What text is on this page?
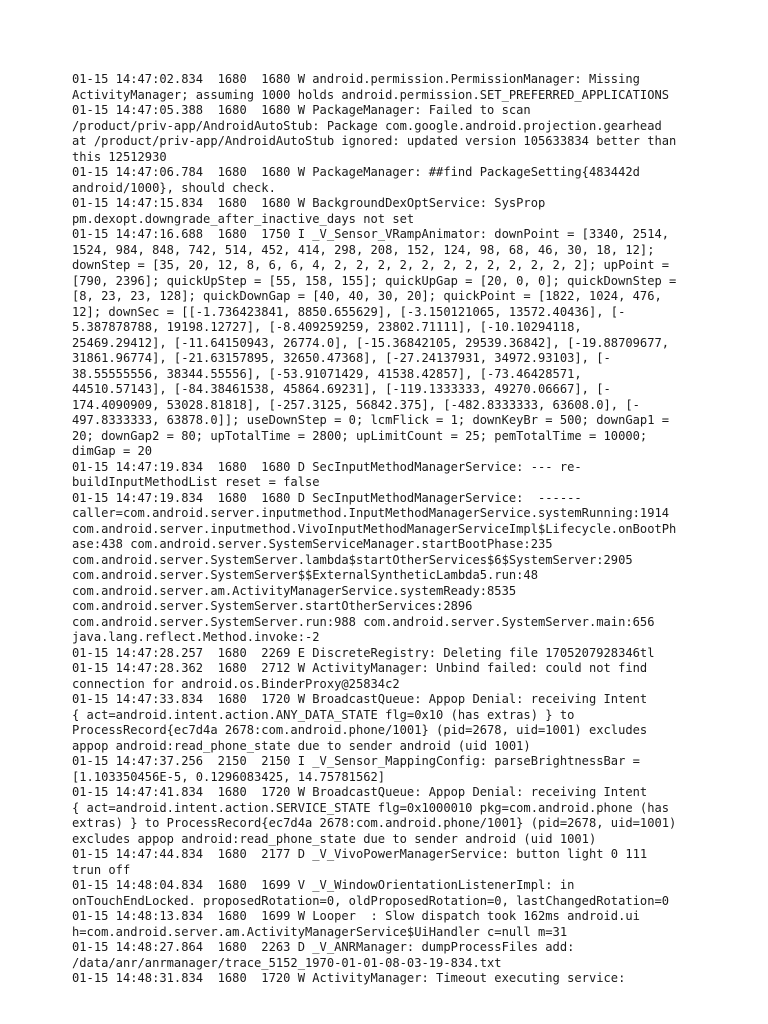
01-15 14:47:02.834  1680  1680 W android.permission.PermissionManager: Missing
ActivityManager; assuming 1000 holds android.permission.SET_PREFERRED_APPLICATIONS
01-15 14:47:05.388  1680  1680 W PackageManager: Failed to scan
/product/priv-app/AndroidAutoStub: Package com.google.android.projection.gearhead
at /product/priv-app/AndroidAutoStub ignored: updated version 105633834 better than
this 12512930
01-15 14:47:06.784  1680  1680 W PackageManager: ##find PackageSetting{483442d
android/1000}, should check.
01-15 14:47:15.834  1680  1680 W BackgroundDexOptService: SysProp
pm.dexopt.downgrade_after_inactive_days not set
01-15 14:47:16.688  1680  1750 I _V_Sensor_VRampAnimator: downPoint = [3340, 2514,
1524, 984, 848, 742, 514, 452, 414, 298, 208, 152, 124, 98, 68, 46, 30, 18, 12];
downStep = [35, 20, 12, 8, 6, 6, 4, 2, 2, 2, 2, 2, 2, 2, 2, 2, 2, 2, 2]; upPoint =
[790, 2396]; quickUpStep = [55, 158, 155]; quickUpGap = [20, 0, 0]; quickDownStep =
[8, 23, 23, 128]; quickDownGap = [40, 40, 30, 20]; quickPoint = [1822, 1024, 476,
12]; downSec = [[-1.736423841, 8850.655629], [-3.150121065, 13572.40436], [-
5.387878788, 19198.12727], [-8.409259259, 23802.71111], [-10.10294118,
25469.29412], [-11.64150943, 26774.0], [-15.36842105, 29539.36842], [-19.88709677,
31861.96774], [-21.63157895, 32650.47368], [-27.24137931, 34972.93103], [-
38.55555556, 38344.55556], [-53.91071429, 41538.42857], [-73.46428571,
44510.57143], [-84.38461538, 45864.69231], [-119.1333333, 49270.06667], [-
174.4090909, 53028.81818], [-257.3125, 56842.375], [-482.8333333, 63608.0], [-
497.8333333, 63878.0]]; useDownStep = 0; lcmFlick = 1; downKeyBr = 500; downGap1 =
20; downGap2 = 80; upTotalTime = 2800; upLimitCount = 25; pemTotalTime = 10000;
dimGap = 20
01-15 14:47:19.834  1680  1680 D SecInputMethodManagerService: --- re-
buildInputMethodList reset = false
01-15 14:47:19.834  1680  1680 D SecInputMethodManagerService:  ------
caller=com.android.server.inputmethod.InputMethodManagerService.systemRunning:1914
com.android.server.inputmethod.VivoInputMethodManagerServiceImpl$Lifecycle.onBootPh
ase:438 com.android.server.SystemServiceManager.startBootPhase:235
com.android.server.SystemServer.lambda$startOtherServices$6$SystemServer:2905
com.android.server.SystemServer$$ExternalSyntheticLambda5.run:48
com.android.server.am.ActivityManagerService.systemReady:8535
com.android.server.SystemServer.startOtherServices:2896
com.android.server.SystemServer.run:988 com.android.server.SystemServer.main:656
java.lang.reflect.Method.invoke:-2
01-15 14:47:28.257  1680  2269 E DiscreteRegistry: Deleting file 1705207928346tl
01-15 14:47:28.362  1680  2712 W ActivityManager: Unbind failed: could not find
connection for android.os.BinderProxy@25834c2
01-15 14:47:33.834  1680  1720 W BroadcastQueue: Appop Denial: receiving Intent
{ act=android.intent.action.ANY_DATA_STATE flg=0x10 (has extras) } to
ProcessRecord{ec7d4a 2678:com.android.phone/1001} (pid=2678, uid=1001) excludes
appop android:read_phone_state due to sender android (uid 1001)
01-15 14:47:37.256  2150  2150 I _V_Sensor_MappingConfig: parseBrightnessBar =
[1.103350456E-5, 0.1296083425, 14.75781562]
01-15 14:47:41.834  1680  1720 W BroadcastQueue: Appop Denial: receiving Intent
{ act=android.intent.action.SERVICE_STATE flg=0x1000010 pkg=com.android.phone (has
extras) } to ProcessRecord{ec7d4a 2678:com.android.phone/1001} (pid=2678, uid=1001)
excludes appop android:read_phone_state due to sender android (uid 1001)
01-15 14:47:44.834  1680  2177 D _V_VivoPowerManagerService: button light 0 111
trun off
01-15 14:48:04.834  1680  1699 V _V_WindowOrientationListenerImpl: in
onTouchEndLocked. proposedRotation=0, oldProposedRotation=0, lastChangedRotation=0
01-15 14:48:13.834  1680  1699 W Looper  : Slow dispatch took 162ms android.ui
h=com.android.server.am.ActivityManagerService$UiHandler c=null m=31
01-15 14:48:27.864  1680  2263 D _V_ANRManager: dumpProcessFiles add:
/data/anr/anrmanager/trace_5152_1970-01-01-08-03-19-834.txt
01-15 14:48:31.834  1680  1720 W ActivityManager: Timeout executing service:
